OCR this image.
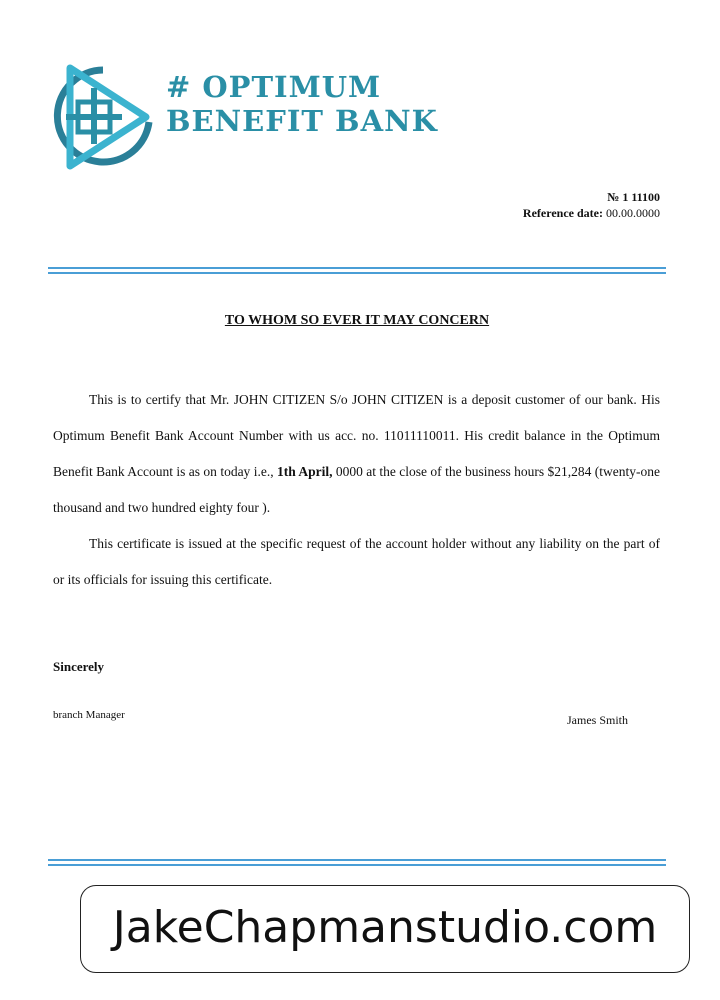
# OPTIMUM
BENEFIT BANK
№ 1 11100
Reference date: 00.00.0000
TO WHOM SO EVER IT MAY CONCERN

This is to certify that Mr. JOHN CITIZEN S/o JOHN CITIZEN is a deposit customer of our bank. His Optimum Benefit Bank Account Number with us acc. no. 11011110011. His credit balance in the Optimum Benefit Bank Account is as on today i.e., 1th April, 0000 at the close of the business hours $21,284 (twenty-one thousand and two hundred eighty four ).

This certificate is issued at the specific request of the account holder without any liability on the part of or its officials for issuing this certificate.

Sincerely
branch Manager	James Smith
JakeChapmanstudio.com
